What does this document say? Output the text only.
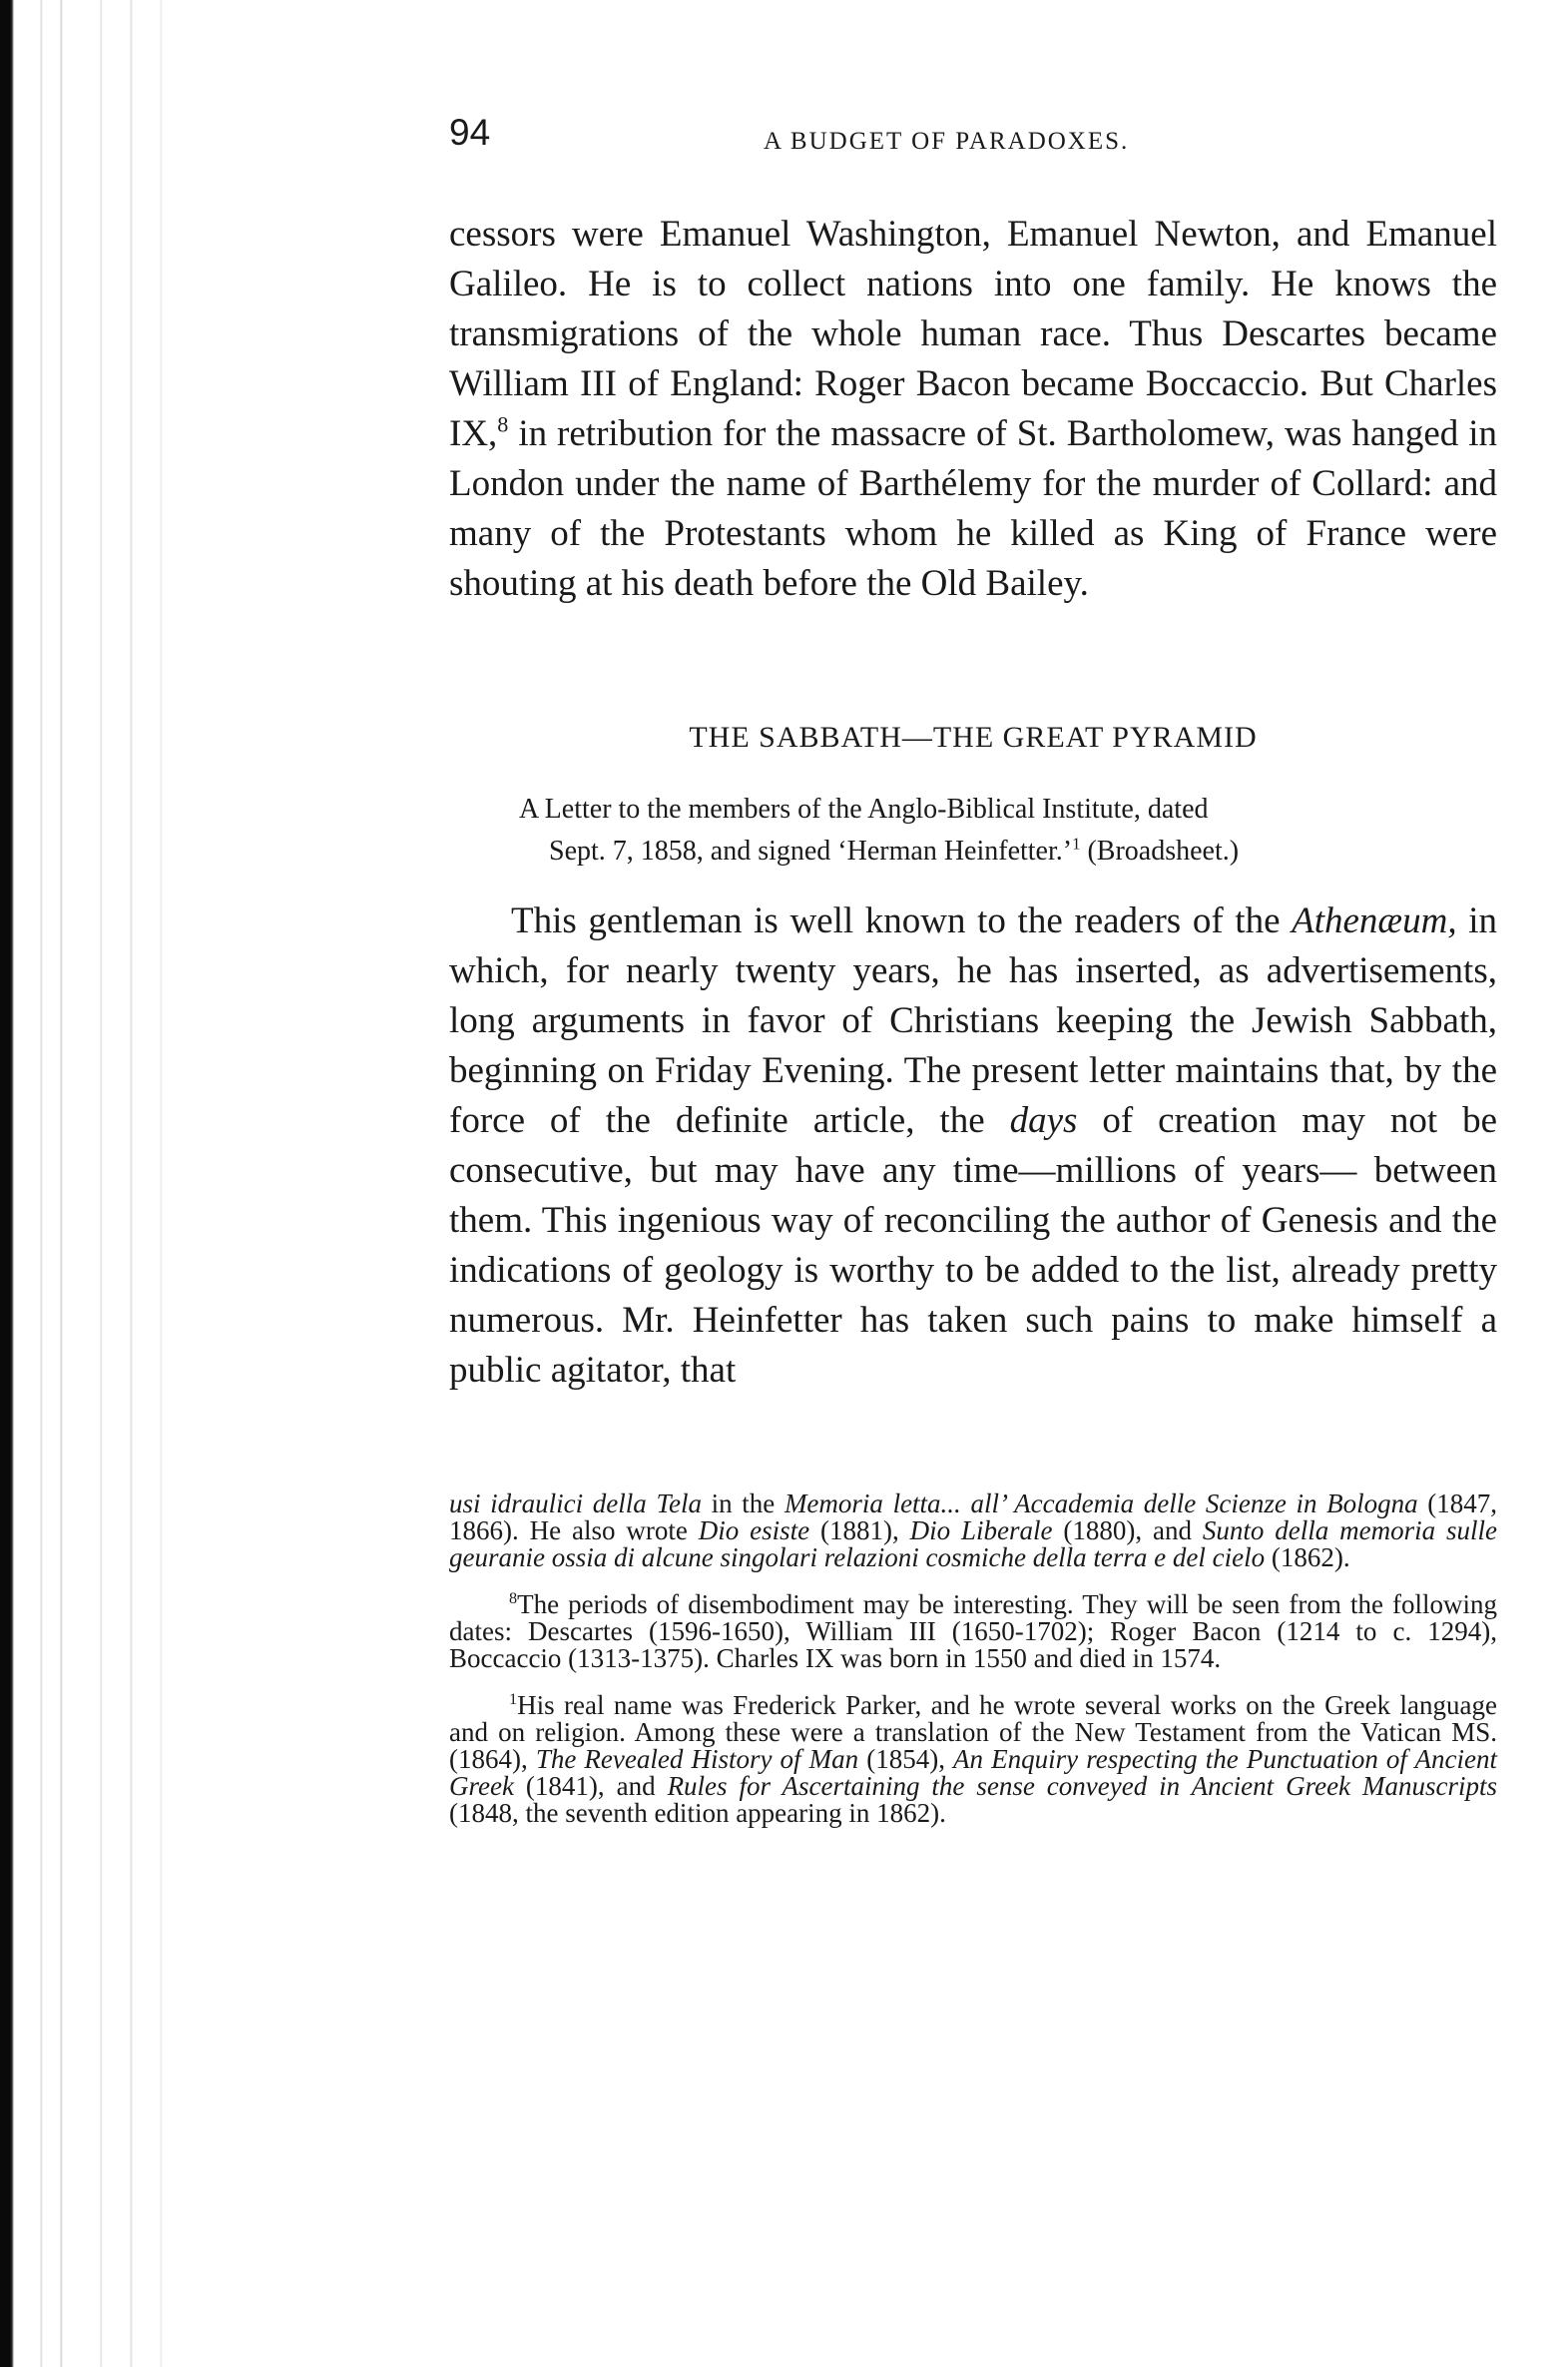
94	A BUDGET OF PARADOXES.

cessors were Emanuel Washington, Emanuel Newton, and Emanuel Galileo. He is to collect nations into one family. He knows the transmigrations of the whole human race. Thus Descartes became William III of England: Roger Bacon became Boccaccio. But Charles IX,$^8$ in retribution for the massacre of St. Bartholomew, was hanged in London under the name of Barthélemy for the murder of Collard: and many of the Protestants whom he killed as King of France were shouting at his death before the Old Bailey.

THE SABBATH—THE GREAT PYRAMID

A Letter to the members of the Anglo-Biblical Institute, dated

Sept. 7, 1858, and signed ‘Herman Heinfetter.’$^1$ (Broadsheet.)

This gentleman is well known to the readers of the Athenæum, in which, for nearly twenty years, he has inserted, as advertisements, long arguments in favor of Christians keeping the Jewish Sabbath, beginning on Friday Evening. The present letter maintains that, by the force of the definite article, the days of creation may not be consecutive, but may have any time—millions of years— between them. This ingenious way of reconciling the author of Genesis and the indications of geology is worthy to be added to the list, already pretty numerous. Mr. Heinfetter has taken such pains to make himself a public agitator, that

usi idraulici della Tela in the Memoria letta... all’ Accademia delle Scienze in Bologna (1847, 1866). He also wrote Dio esiste (1881), Dio Liberale (1880), and Sunto della memoria sulle geuranie ossia di alcune singolari relazioni cosmiche della terra e del cielo (1862).

$^8$The periods of disembodiment may be interesting. They will be seen from the following dates: Descartes (1596-1650), William III (1650-1702); Roger Bacon (1214 to c. 1294), Boccaccio (1313-1375). Charles IX was born in 1550 and died in 1574.

$^1$His real name was Frederick Parker, and he wrote several works on the Greek language and on religion. Among these were a translation of the New Testament from the Vatican MS. (1864), The Revealed History of Man (1854), An Enquiry respecting the Punctuation of Ancient Greek (1841), and Rules for Ascertaining the sense conveyed in Ancient Greek Manuscripts (1848, the seventh edition appearing in 1862).
